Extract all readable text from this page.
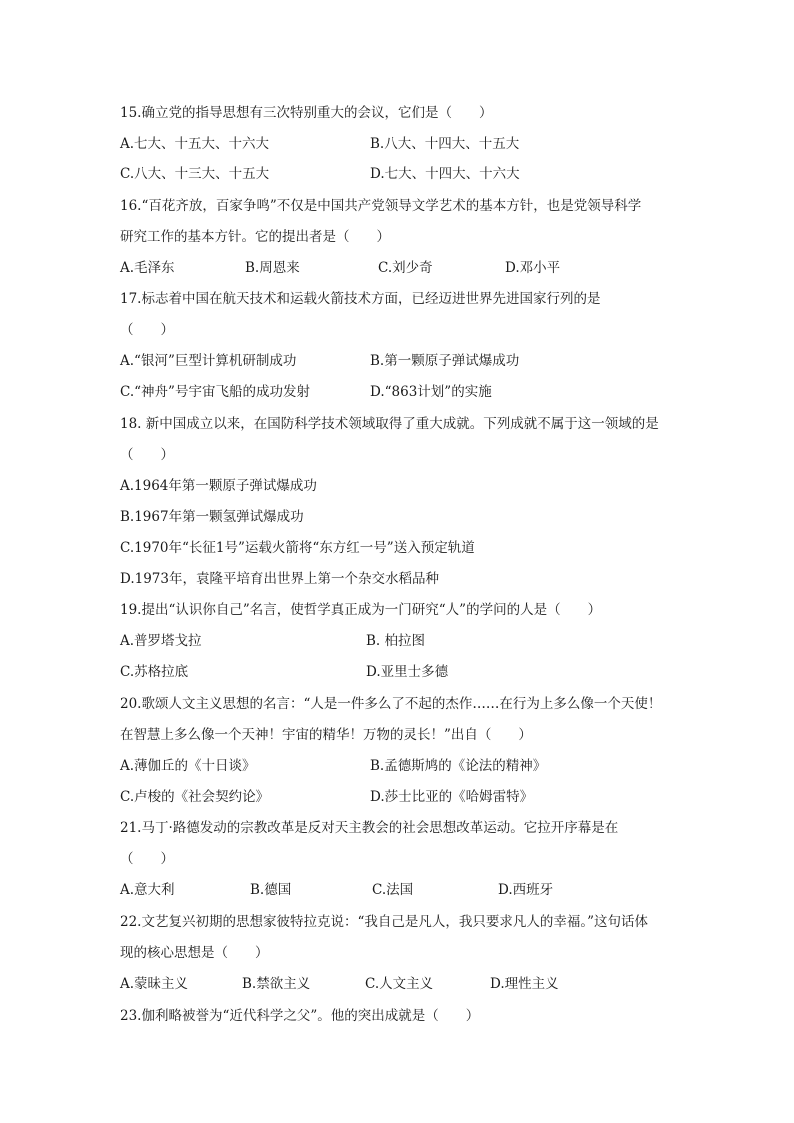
15.确立党的指导思想有三次特别重大的会议，它们是（　　）
A.七大、十五大、十六大	B.八大、十四大、十五大
C.八大、十三大、十五大	D.七大、十四大、十六大
16.“百花齐放，百家争鸣”不仅是中国共产党领导文学艺术的基本方针，也是党领导科学
研究工作的基本方针。它的提出者是（　　）
A.毛泽东	B.周恩来	C.刘少奇	D.邓小平
17.标志着中国在航天技术和运载火箭技术方面，已经迈进世界先进国家行列的是
（　　）
A.“银河”巨型计算机研制成功	B.第一颗原子弹试爆成功
C.“神舟”号宇宙飞船的成功发射	D.“863计划”的实施
18. 新中国成立以来，在国防科学技术领域取得了重大成就。下列成就不属于这一领域的是
（　　）
A.1964年第一颗原子弹试爆成功
B.1967年第一颗氢弹试爆成功
C.1970年“长征1号”运载火箭将“东方红一号”送入预定轨道
D.1973年，袁隆平培育出世界上第一个杂交水稻品种
19.提出“认识你自己”名言，使哲学真正成为一门研究“人”的学问的人是（　　）
A.普罗塔戈拉	B. 柏拉图
C.苏格拉底	D.亚里士多德
20.歌颂人文主义思想的名言：“人是一件多么了不起的杰作……在行为上多么像一个天使！
在智慧上多么像一个天神！宇宙的精华！万物的灵长！”出自（　　）
A.薄伽丘的《十日谈》	B.孟德斯鸠的《论法的精神》
C.卢梭的《社会契约论》	D.莎士比亚的《哈姆雷特》
21.马丁·路德发动的宗教改革是反对天主教会的社会思想改革运动。它拉开序幕是在
（　　）
A.意大利	B.德国	C.法国	D.西班牙
22.文艺复兴初期的思想家彼特拉克说：“我自己是凡人，我只要求凡人的幸福。”这句话体
现的核心思想是（　　）
A.蒙昧主义	B.禁欲主义	C.人文主义	D.理性主义
23.伽利略被誉为“近代科学之父”。他的突出成就是（　　）
